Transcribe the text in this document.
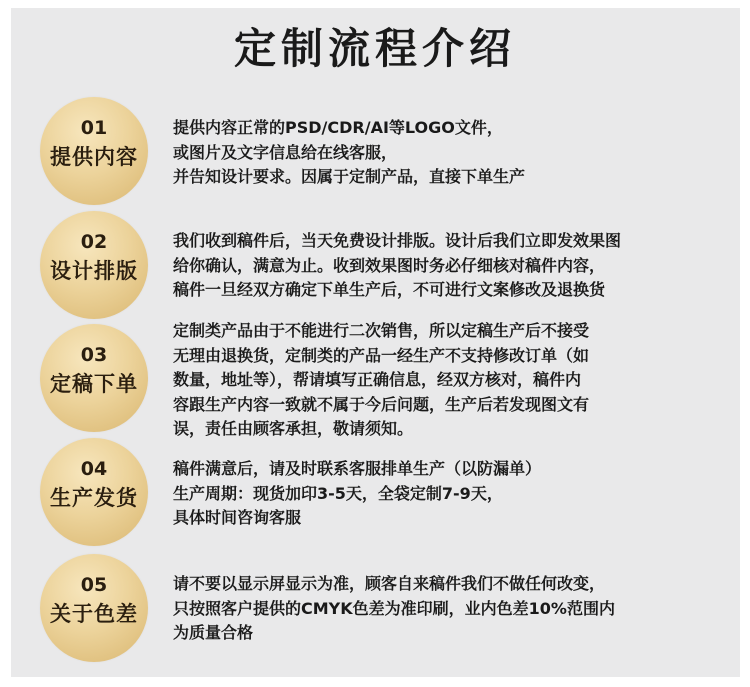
定制流程介绍
01
提供内容
提供内容正常的PSD/CDR/AI等LOGO文件，
或图片及文字信息给在线客服，
并告知设计要求。因属于定制产品，直接下单生产
02
设计排版
我们收到稿件后，当天免费设计排版。设计后我们立即发效果图
给你确认，满意为止。收到效果图时务必仔细核对稿件内容，
稿件一旦经双方确定下单生产后，不可进行文案修改及退换货
03
定稿下单
定制类产品由于不能进行二次销售，所以定稿生产后不接受
无理由退换货，定制类的产品一经生产不支持修改订单（如
数量，地址等），帮请填写正确信息，经双方核对，稿件内
容跟生产内容一致就不属于今后问题，生产后若发现图文有
误，责任由顾客承担，敬请须知。
04
生产发货
稿件满意后，请及时联系客服排单生产（以防漏单）
生产周期：现货加印3-5天，全袋定制7-9天，
具体时间咨询客服
05
关于色差
请不要以显示屏显示为准，顾客自来稿件我们不做任何改变，
只按照客户提供的CMYK色差为准印刷，业内色差10%范围内
为质量合格
